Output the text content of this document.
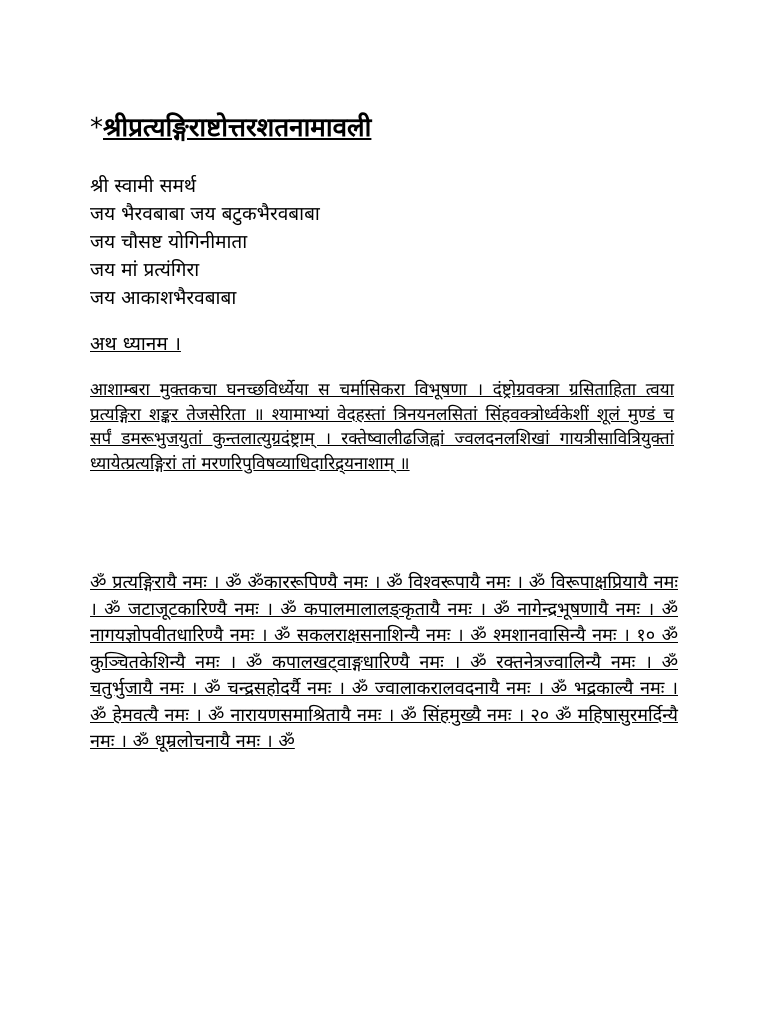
*श्रीप्रत्यङ्गिराष्टोत्तरशतनामावली
श्री स्वामी समर्थ
जय भैरवबाबा जय बटुकभैरवबाबा
जय चौसष्ट योगिनीमाता
जय मां प्रत्यंगिरा
जय आकाशभैरवबाबा
अथ ध्यानम ।
आशाम्बरा मुक्तकचा घनच्छविर्ध्येया स चर्मासिकरा विभूषणा । दंष्ट्रोग्रवक्त्रा ग्रसिताहिता त्वया प्रत्यङ्गिरा शङ्कर तेजसेरिता ॥ श्यामाभ्यां वेदहस्तां त्रिनयनलसितां सिंहवक्त्रोर्ध्वकेशीं शूलं मुण्डं च सर्पं डमरूभुजयुतां कुन्तलात्युग्रदंष्ट्राम् । रक्तेष्वालीढजिह्वां ज्वलदनलशिखां गायत्रीसावित्रियुक्तां ध्यायेत्प्रत्यङ्गिरां तां मरणरिपुविषव्याधिदारिद्र्यनाशाम् ॥
ॐ प्रत्यङ्गिरायै नमः । ॐ ॐकाररूपिण्यै नमः । ॐ विश्वरूपायै नमः । ॐ विरूपाक्षप्रियायै नमः । ॐ जटाजूटकारिण्यै नमः । ॐ कपालमालालङ्कृतायै नमः । ॐ नागेन्द्रभूषणायै नमः । ॐ नागयज्ञोपवीतधारिण्यै नमः । ॐ सकलराक्षसनाशिन्यै नमः । ॐ श्मशानवासिन्यै नमः । १० ॐ कुञ्चितकेशिन्यै नमः । ॐ कपालखट्वाङ्गधारिण्यै नमः । ॐ रक्तनेत्रज्वालिन्यै नमः । ॐ चतुर्भुजायै नमः । ॐ चन्द्रसहोदर्यै नमः । ॐ ज्वालाकरालवदनायै नमः । ॐ भद्रकाल्यै नमः । ॐ हेमवत्यै नमः । ॐ नारायणसमाश्रितायै नमः । ॐ सिंहमुख्यै नमः । २० ॐ महिषासुरमर्दिन्यै नमः । ॐ धूम्रलोचनायै नमः । ॐ
